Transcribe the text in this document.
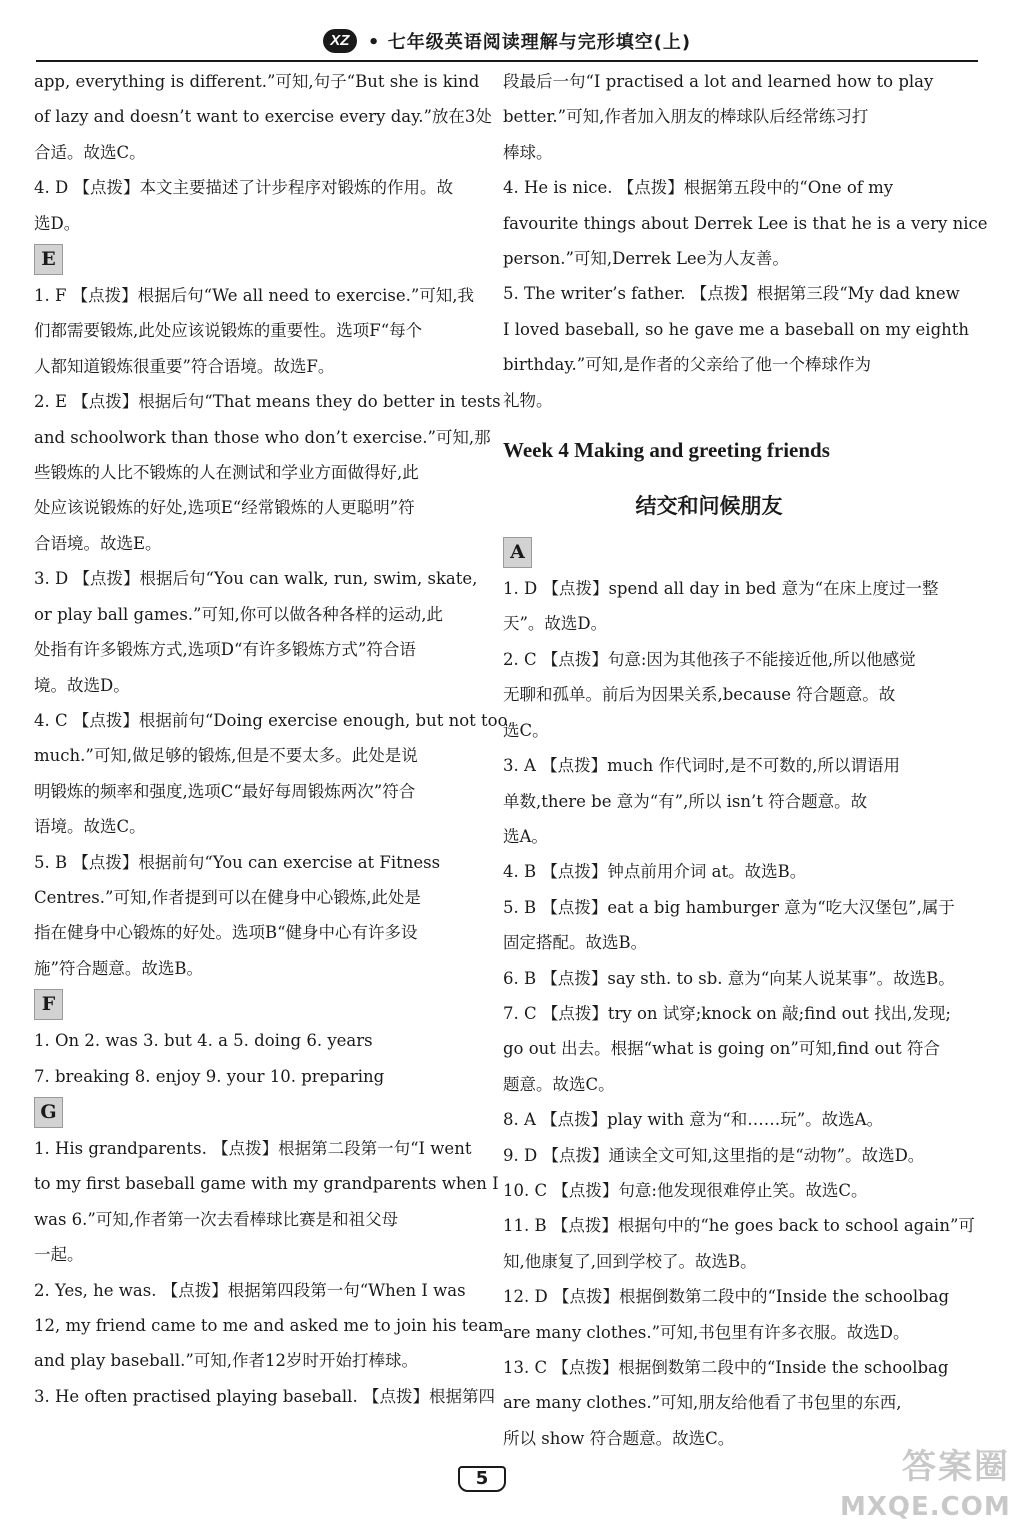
XZ • 七年级英语阅读理解与完形填空(上)
app, everything is different.”可知,句子“But she is kind
of lazy and doesn’t want to exercise every day.”放在3处
合适。故选C。
4. D 【点拨】本文主要描述了计步程序对锻炼的作用。故
选D。
E
1. F 【点拨】根据后句“We all need to exercise.”可知,我
们都需要锻炼,此处应该说锻炼的重要性。选项F“每个
人都知道锻炼很重要”符合语境。故选F。
2. E 【点拨】根据后句“That means they do better in tests
and schoolwork than those who don’t exercise.”可知,那
些锻炼的人比不锻炼的人在测试和学业方面做得好,此
处应该说锻炼的好处,选项E“经常锻炼的人更聪明”符
合语境。故选E。
3. D 【点拨】根据后句“You can walk, run, swim, skate,
or play ball games.”可知,你可以做各种各样的运动,此
处指有许多锻炼方式,选项D“有许多锻炼方式”符合语
境。故选D。
4. C 【点拨】根据前句“Doing exercise enough, but not too
much.”可知,做足够的锻炼,但是不要太多。此处是说
明锻炼的频率和强度,选项C“最好每周锻炼两次”符合
语境。故选C。
5. B 【点拨】根据前句“You can exercise at Fitness
Centres.”可知,作者提到可以在健身中心锻炼,此处是
指在健身中心锻炼的好处。选项B“健身中心有许多设
施”符合题意。故选B。
F
1. On 2. was 3. but 4. a 5. doing 6. years
7. breaking 8. enjoy 9. your 10. preparing
G
1. His grandparents. 【点拨】根据第二段第一句“I went
to my first baseball game with my grandparents when I
was 6.”可知,作者第一次去看棒球比赛是和祖父母
一起。
2. Yes, he was. 【点拨】根据第四段第一句“When I was
12, my friend came to me and asked me to join his team
and play baseball.”可知,作者12岁时开始打棒球。
3. He often practised playing baseball. 【点拨】根据第四
段最后一句“I practised a lot and learned how to play
better.”可知,作者加入朋友的棒球队后经常练习打
棒球。
4. He is nice. 【点拨】根据第五段中的“One of my
favourite things about Derrek Lee is that he is a very nice
person.”可知,Derrek Lee为人友善。
5. The writer’s father. 【点拨】根据第三段“My dad knew
I loved baseball, so he gave me a baseball on my eighth
birthday.”可知,是作者的父亲给了他一个棒球作为
礼物。
Week 4 Making and greeting friends
结交和问候朋友
A
1. D 【点拨】spend all day in bed 意为“在床上度过一整
天”。故选D。
2. C 【点拨】句意:因为其他孩子不能接近他,所以他感觉
无聊和孤单。前后为因果关系,because 符合题意。故
选C。
3. A 【点拨】much 作代词时,是不可数的,所以谓语用
单数,there be 意为“有”,所以 isn’t 符合题意。故
选A。
4. B 【点拨】钟点前用介词 at。故选B。
5. B 【点拨】eat a big hamburger 意为“吃大汉堡包”,属于
固定搭配。故选B。
6. B 【点拨】say sth. to sb. 意为“向某人说某事”。故选B。
7. C 【点拨】try on 试穿;knock on 敲;find out 找出,发现;
go out 出去。根据“what is going on”可知,find out 符合
题意。故选C。
8. A 【点拨】play with 意为“和……玩”。故选A。
9. D 【点拨】通读全文可知,这里指的是“动物”。故选D。
10. C 【点拨】句意:他发现很难停止笑。故选C。
11. B 【点拨】根据句中的“he goes back to school again”可
知,他康复了,回到学校了。故选B。
12. D 【点拨】根据倒数第二段中的“Inside the schoolbag
are many clothes.”可知,书包里有许多衣服。故选D。
13. C 【点拨】根据倒数第二段中的“Inside the schoolbag
are many clothes.”可知,朋友给他看了书包里的东西,
所以 show 符合题意。故选C。
5	答案圈
MXQE.COM
